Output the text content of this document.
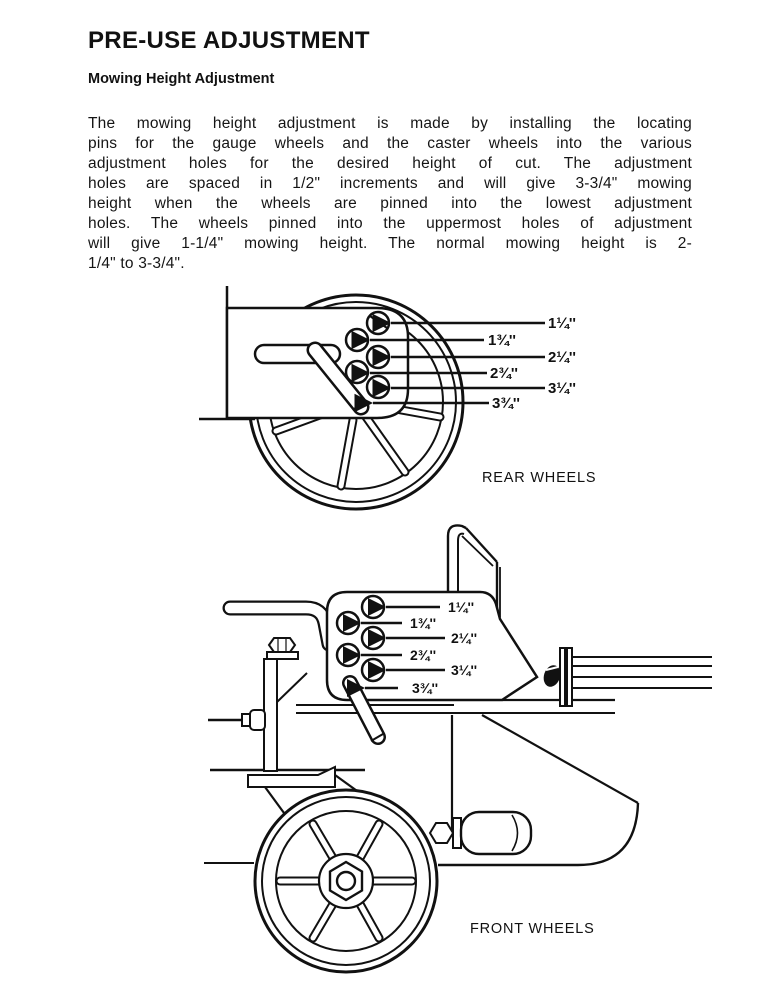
PRE-USE ADJUSTMENT
Mowing Height Adjustment
The mowing height adjustment is made by installing the locating
pins for the gauge wheels and the caster wheels into the various
adjustment holes for the desired height of cut. The adjustment
holes are spaced in 1/2" increments and will give 3-3/4" mowing
height when the wheels are pinned into the lowest adjustment
holes. The wheels pinned into the uppermost holes of adjustment
will give 1-1/4" mowing height. The normal mowing height is 2-
1/4" to 3-3/4".
1¼''
1¾''
2¼''
2¾''
3¼''
3¾''
REAR WHEELS
1¼''
1¾''
2¼''
2¾''
3¼''
3¾''
FRONT WHEELS
